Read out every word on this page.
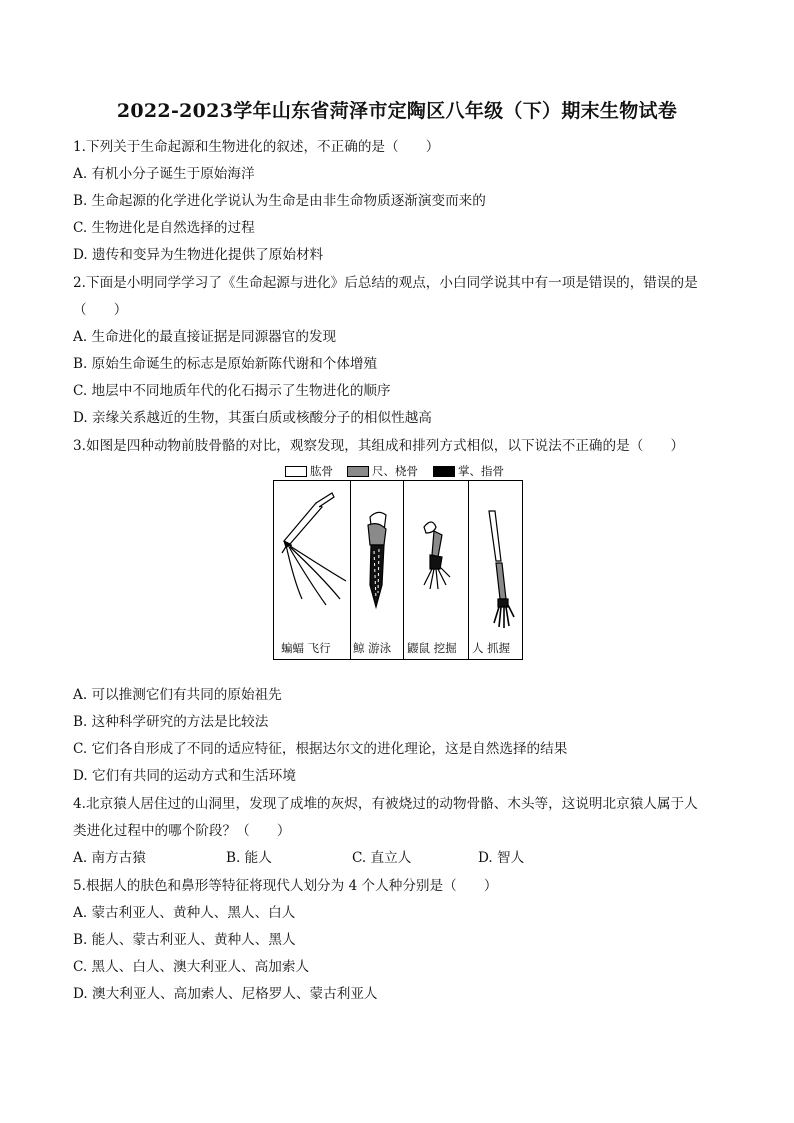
2022-2023学年山东省菏泽市定陶区八年级（下）期末生物试卷
1.下列关于生命起源和生物进化的叙述，不正确的是（　　）
A. 有机小分子诞生于原始海洋
B. 生命起源的化学进化学说认为生命是由非生命物质逐渐演变而来的
C. 生物进化是自然选择的过程
D. 遗传和变异为生物进化提供了原始材料
2.下面是小明同学学习了《生命起源与进化》后总结的观点，小白同学说其中有一项是错误的，错误的是
（　　）
A. 生命进化的最直接证据是同源器官的发现
B. 原始生命诞生的标志是原始新陈代谢和个体增殖
C. 地层中不同地质年代的化石揭示了生物进化的顺序
D. 亲缘关系越近的生物，其蛋白质或核酸分子的相似性越高
3.如图是四种动物前肢骨骼的对比，观察发现，其组成和排列方式相似，以下说法不正确的是（　　）
肱骨	尺、桡骨	掌、指骨
蝙蝠 飞行 鲸 游泳 鼹鼠 挖掘 人 抓握
A. 可以推测它们有共同的原始祖先
B. 这种科学研究的方法是比较法
C. 它们各自形成了不同的适应特征，根据达尔文的进化理论，这是自然选择的结果
D. 它们有共同的运动方式和生活环境
4.北京猿人居住过的山洞里，发现了成堆的灰烬，有被烧过的动物骨骼、木头等，这说明北京猿人属于人
类进化过程中的哪个阶段？（　　）
A. 南方古猿	B. 能人	C. 直立人	D. 智人
5.根据人的肤色和鼻形等特征将现代人划分为 4 个人种分别是（　　）
A. 蒙古利亚人、黄种人、黑人、白人
B. 能人、蒙古利亚人、黄种人、黑人
C. 黑人、白人、澳大利亚人、高加索人
D. 澳大利亚人、高加索人、尼格罗人、蒙古利亚人
